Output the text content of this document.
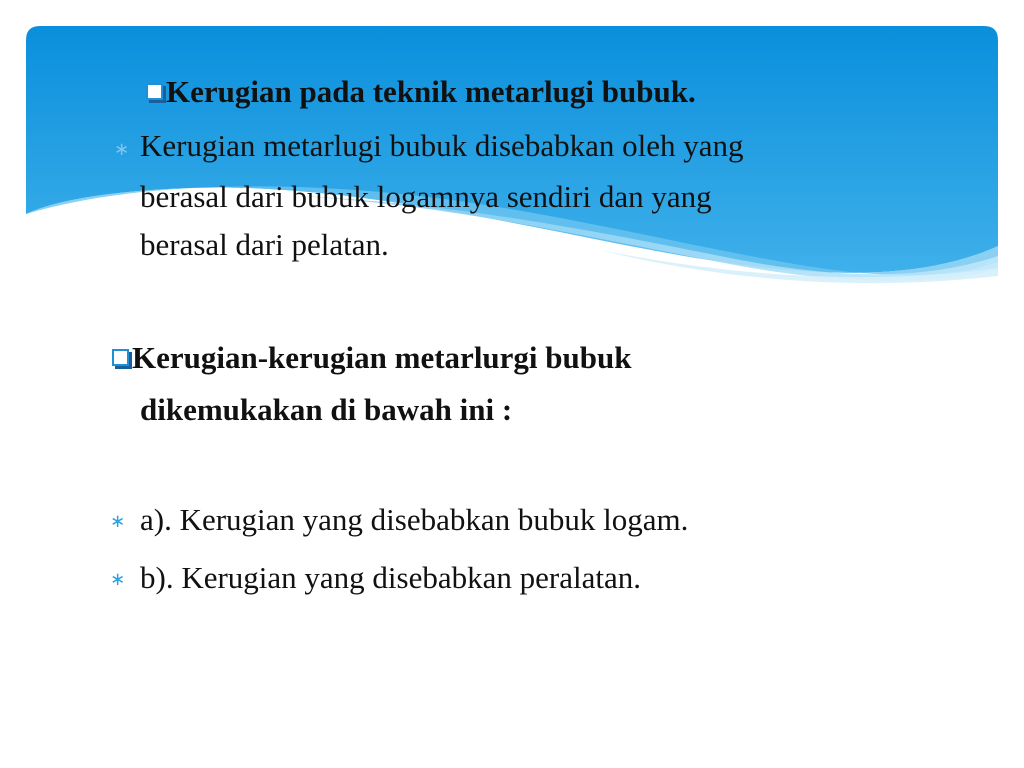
Kerugian pada teknik metarlugi bubuk.
∗ Kerugian metarlugi bubuk disebabkan oleh yang
berasal dari bubuk logamnya sendiri dan yang
berasal dari pelatan.
Kerugian-kerugian metarlurgi bubuk
dikemukakan di bawah ini :
∗ a). Kerugian yang disebabkan bubuk logam.
∗ b). Kerugian yang disebabkan peralatan.
